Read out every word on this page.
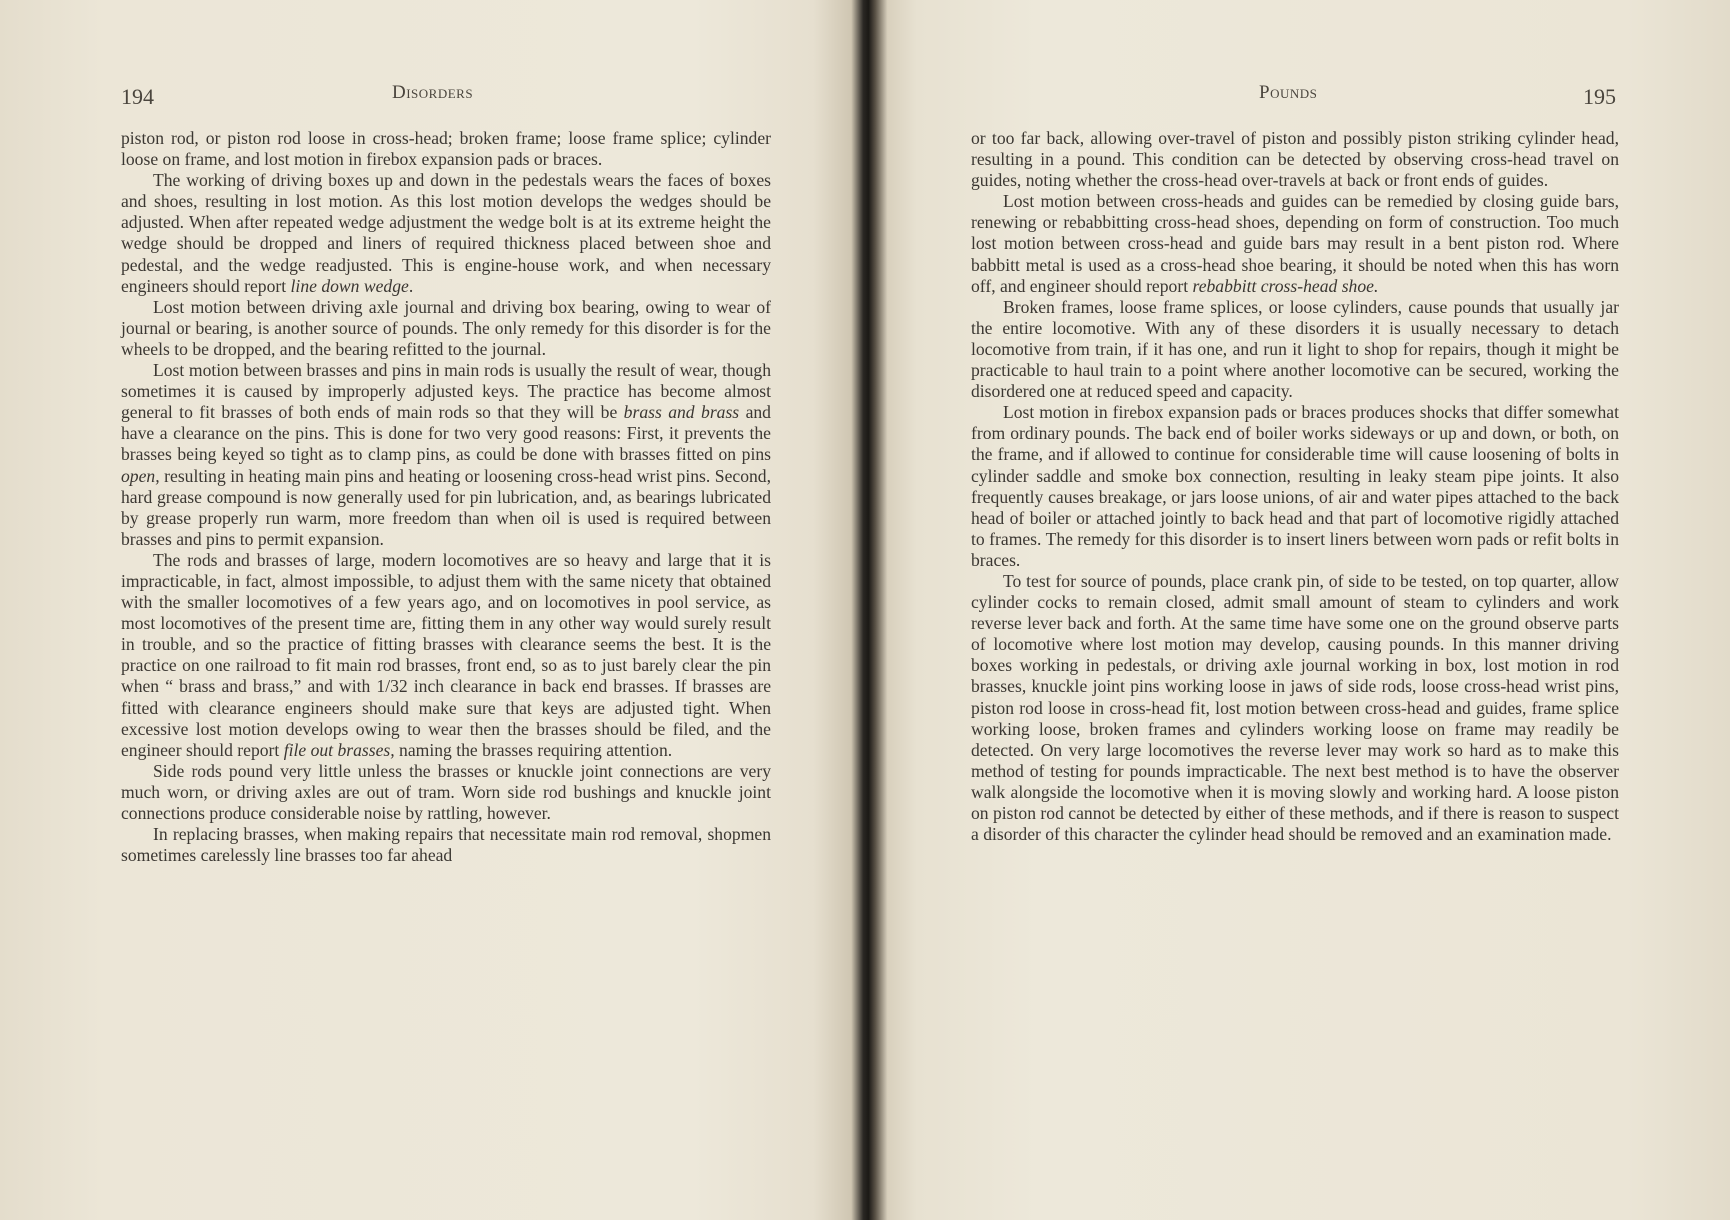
194	Disorders

piston rod, or piston rod loose in cross-head; broken frame; loose frame splice; cylinder loose on frame, and lost motion in firebox expansion pads or braces.

The working of driving boxes up and down in the pedestals wears the faces of boxes and shoes, resulting in lost motion. As this lost motion develops the wedges should be adjusted. When after repeated wedge adjustment the wedge bolt is at its extreme height the wedge should be dropped and liners of required thickness placed between shoe and pedestal, and the wedge readjusted. This is engine-house work, and when necessary engineers should report line down wedge.

Lost motion between driving axle journal and driving box bearing, owing to wear of journal or bearing, is another source of pounds. The only remedy for this disorder is for the wheels to be dropped, and the bearing refitted to the journal.

Lost motion between brasses and pins in main rods is usually the result of wear, though sometimes it is caused by improperly adjusted keys. The practice has become almost general to fit brasses of both ends of main rods so that they will be brass and brass and have a clearance on the pins. This is done for two very good reasons: First, it prevents the brasses being keyed so tight as to clamp pins, as could be done with brasses fitted on pins open, resulting in heating main pins and heating or loosening cross-head wrist pins. Second, hard grease compound is now generally used for pin lubrication, and, as bearings lubricated by grease properly run warm, more freedom than when oil is used is required between brasses and pins to permit expansion.

The rods and brasses of large, modern locomotives are so heavy and large that it is impracticable, in fact, almost impossible, to adjust them with the same nicety that obtained with the smaller locomotives of a few years ago, and on locomotives in pool service, as most locomotives of the present time are, fitting them in any other way would surely result in trouble, and so the practice of fitting brasses with clearance seems the best. It is the practice on one railroad to fit main rod brasses, front end, so as to just barely clear the pin when “ brass and brass,” and with 1/32 inch clearance in back end brasses. If brasses are fitted with clearance engineers should make sure that keys are adjusted tight. When excessive lost motion develops owing to wear then the brasses should be filed, and the engineer should report file out brasses, naming the brasses requiring attention.

Side rods pound very little unless the brasses or knuckle joint connections are very much worn, or driving axles are out of tram. Worn side rod bushings and knuckle joint connections produce considerable noise by rattling, however.

In replacing brasses, when making repairs that necessitate main rod removal, shopmen sometimes carelessly line brasses too far ahead

Pounds	195

or too far back, allowing over-travel of piston and possibly piston striking cylinder head, resulting in a pound. This condition can be detected by observing cross-head travel on guides, noting whether the cross-head over-travels at back or front ends of guides.

Lost motion between cross-heads and guides can be remedied by closing guide bars, renewing or rebabbitting cross-head shoes, depending on form of construction. Too much lost motion between cross-head and guide bars may result in a bent piston rod. Where babbitt metal is used as a cross-head shoe bearing, it should be noted when this has worn off, and engineer should report rebabbitt cross-head shoe.

Broken frames, loose frame splices, or loose cylinders, cause pounds that usually jar the entire locomotive. With any of these disorders it is usually necessary to detach locomotive from train, if it has one, and run it light to shop for repairs, though it might be practicable to haul train to a point where another locomotive can be secured, working the disordered one at reduced speed and capacity.

Lost motion in firebox expansion pads or braces produces shocks that differ somewhat from ordinary pounds. The back end of boiler works sideways or up and down, or both, on the frame, and if allowed to continue for considerable time will cause loosening of bolts in cylinder saddle and smoke box connection, resulting in leaky steam pipe joints. It also frequently causes breakage, or jars loose unions, of air and water pipes attached to the back head of boiler or attached jointly to back head and that part of locomotive rigidly attached to frames. The remedy for this disorder is to insert liners between worn pads or refit bolts in braces.

To test for source of pounds, place crank pin, of side to be tested, on top quarter, allow cylinder cocks to remain closed, admit small amount of steam to cylinders and work reverse lever back and forth. At the same time have some one on the ground observe parts of locomotive where lost motion may develop, causing pounds. In this manner driving boxes working in pedestals, or driving axle journal working in box, lost motion in rod brasses, knuckle joint pins working loose in jaws of side rods, loose cross-head wrist pins, piston rod loose in cross-head fit, lost motion between cross-head and guides, frame splice working loose, broken frames and cylinders working loose on frame may readily be detected. On very large locomotives the reverse lever may work so hard as to make this method of testing for pounds impracticable. The next best method is to have the observer walk alongside the locomotive when it is moving slowly and working hard. A loose piston on piston rod cannot be detected by either of these methods, and if there is reason to suspect a disorder of this character the cylinder head should be removed and an examination made.
